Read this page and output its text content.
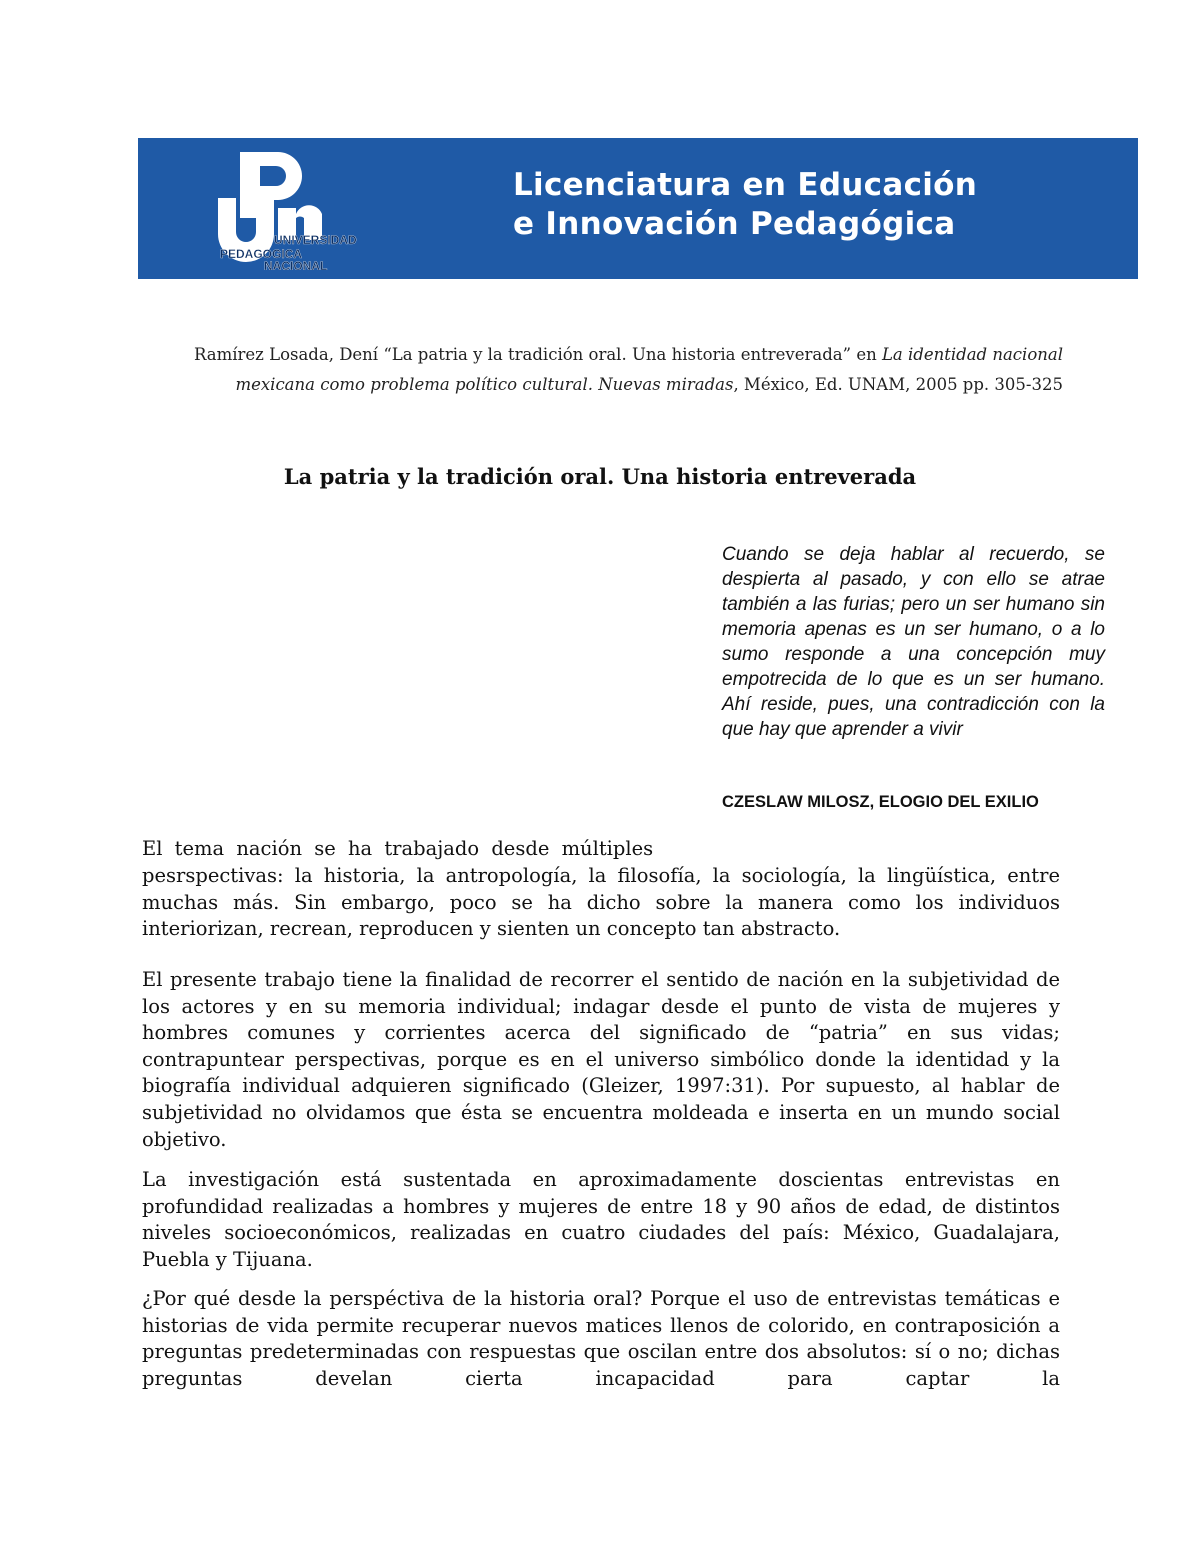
UNIVERSIDAD
PEDAGOGICA
NACIONAL
Licenciatura en Educación
e Innovación Pedagógica
Ramírez Losada, Dení “La patria y la tradición oral. Una historia entreverada” en La identidad nacional mexicana como problema político cultural. Nuevas miradas, México, Ed. UNAM, 2005 pp. 305-325
La patria y la tradición oral. Una historia entreverada

Cuando se deja hablar al recuerdo, se despierta al pasado, y con ello se atrae también a las furias; pero un ser humano sin memoria apenas es un ser humano, o a lo sumo responde a una concepción muy empotrecida de lo que es un ser humano. Ahí reside, pues, una contradicción con la que hay que aprender a vivir

CZESLAW MILOSZ, ELOGIO DEL EXILIO

El tema nación se ha trabajado desde múltiples

pesrspectivas: la historia, la antropología, la filosofía, la sociología, la lingüística, entre muchas más. Sin embargo, poco se ha dicho sobre la manera como los individuos interiorizan, recrean, reproducen y sienten un concepto tan abstracto.

El presente trabajo tiene la finalidad de recorrer el sentido de nación en la subjetividad de los actores y en su memoria individual; indagar desde el punto de vista de mujeres y hombres comunes y corrientes acerca del significado de “patria” en sus vidas; contrapuntear perspectivas, porque es en el universo simbólico donde la identidad y la biografía individual adquieren significado (Gleizer, 1997:31). Por supuesto, al hablar de subjetividad no olvidamos que ésta se encuentra moldeada e inserta en un mundo social objetivo.

La investigación está sustentada en aproximadamente doscientas entrevistas en profundidad realizadas a hombres y mujeres de entre 18 y 90 años de edad, de distintos niveles socioeconómicos, realizadas en cuatro ciudades del país: México, Guadalajara, Puebla y Tijuana.

¿Por qué desde la perspéctiva de la historia oral? Porque el uso de entrevistas temáticas e historias de vida permite recuperar nuevos matices llenos de colorido, en contraposición a preguntas predeterminadas con respuestas que oscilan entre dos absolutos: sí o no; dichas preguntas develan cierta incapacidad para captar la
